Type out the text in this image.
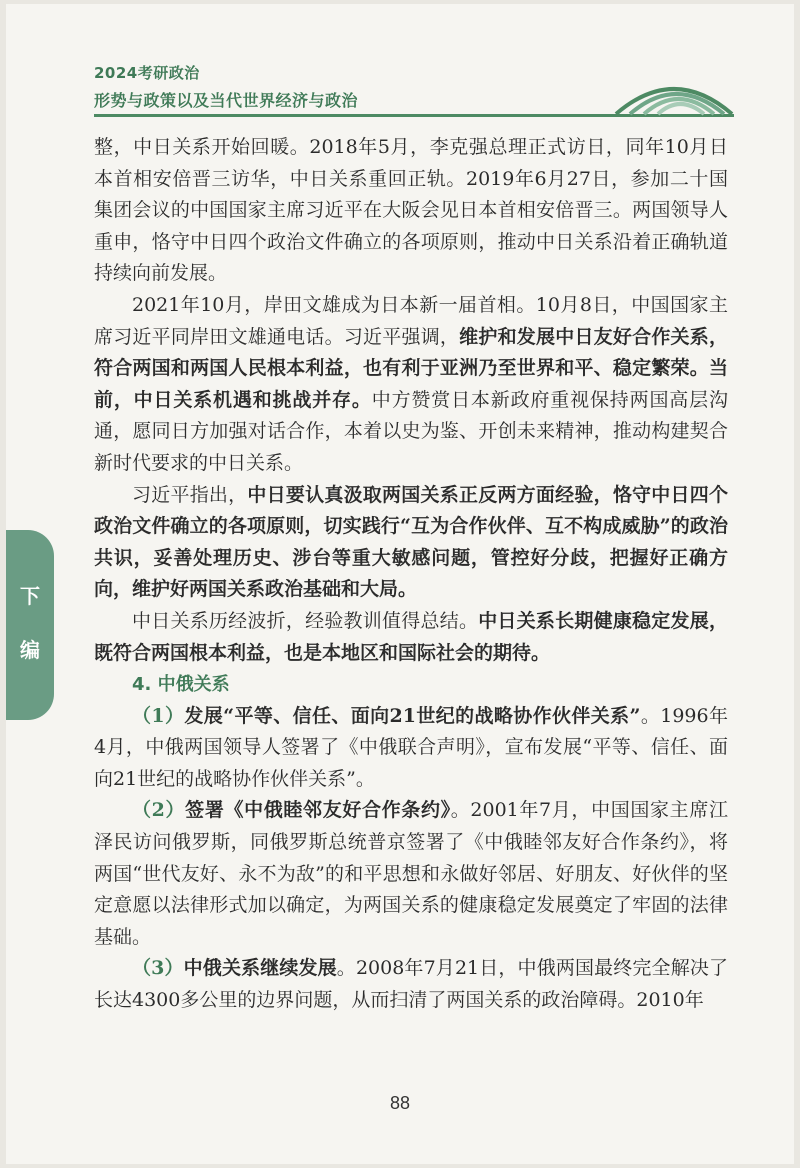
2024考研政治
形势与政策以及当代世界经济与政治
下
编

整，中日关系开始回暖。2018年5月，李克强总理正式访日，同年10月日本首相安倍晋三访华，中日关系重回正轨。2019年6月27日，参加二十国集团会议的中国国家主席习近平在大阪会见日本首相安倍晋三。两国领导人重申，恪守中日四个政治文件确立的各项原则，推动中日关系沿着正确轨道持续向前发展。

2021年10月，岸田文雄成为日本新一届首相。10月8日，中国国家主席习近平同岸田文雄通电话。习近平强调，维护和发展中日友好合作关系，符合两国和两国人民根本利益，也有利于亚洲乃至世界和平、稳定繁荣。当前，中日关系机遇和挑战并存。中方赞赏日本新政府重视保持两国高层沟通，愿同日方加强对话合作，本着以史为鉴、开创未来精神，推动构建契合新时代要求的中日关系。

习近平指出，中日要认真汲取两国关系正反两方面经验，恪守中日四个政治文件确立的各项原则，切实践行“互为合作伙伴、互不构成威胁”的政治共识，妥善处理历史、涉台等重大敏感问题，管控好分歧，把握好正确方向，维护好两国关系政治基础和大局。

中日关系历经波折，经验教训值得总结。中日关系长期健康稳定发展，既符合两国根本利益，也是本地区和国际社会的期待。

4. 中俄关系

（1）发展“平等、信任、面向21世纪的战略协作伙伴关系”。1996年4月，中俄两国领导人签署了《中俄联合声明》，宣布发展“平等、信任、面向21世纪的战略协作伙伴关系”。

（2）签署《中俄睦邻友好合作条约》。2001年7月，中国国家主席江泽民访问俄罗斯，同俄罗斯总统普京签署了《中俄睦邻友好合作条约》，将两国“世代友好、永不为敌”的和平思想和永做好邻居、好朋友、好伙伴的坚定意愿以法律形式加以确定，为两国关系的健康稳定发展奠定了牢固的法律基础。

（3）中俄关系继续发展。2008年7月21日，中俄两国最终完全解决了长达4300多公里的边界问题，从而扫清了两国关系的政治障碍。2010年

88
